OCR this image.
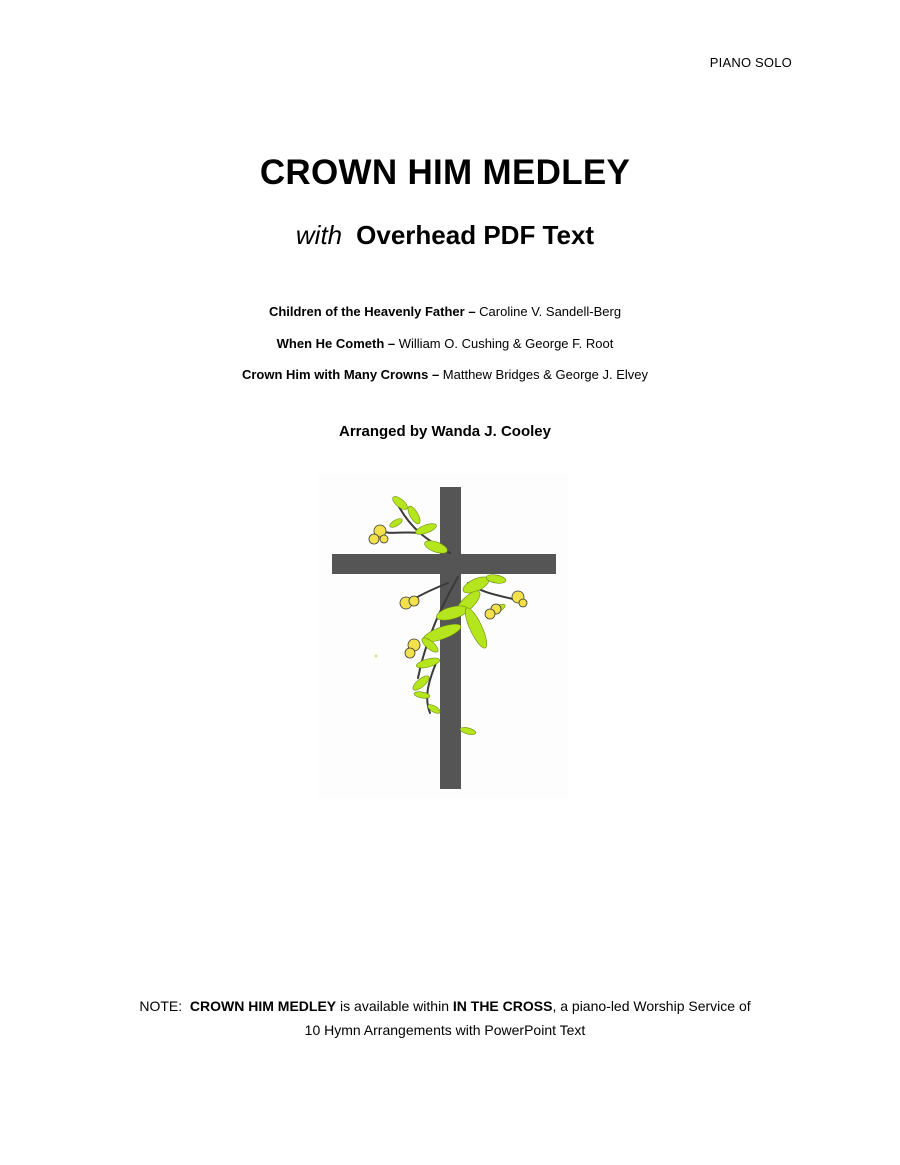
PIANO SOLO
CROWN HIM MEDLEY
with Overhead PDF Text
Children of the Heavenly Father – Caroline V. Sandell-Berg
When He Cometh – William O. Cushing & George F. Root
Crown Him with Many Crowns – Matthew Bridges & George J. Elvey
Arranged by Wanda J. Cooley
NOTE:  CROWN HIM MEDLEY is available within IN THE CROSS, a piano-led Worship Service of
10 Hymn Arrangements with PowerPoint Text
